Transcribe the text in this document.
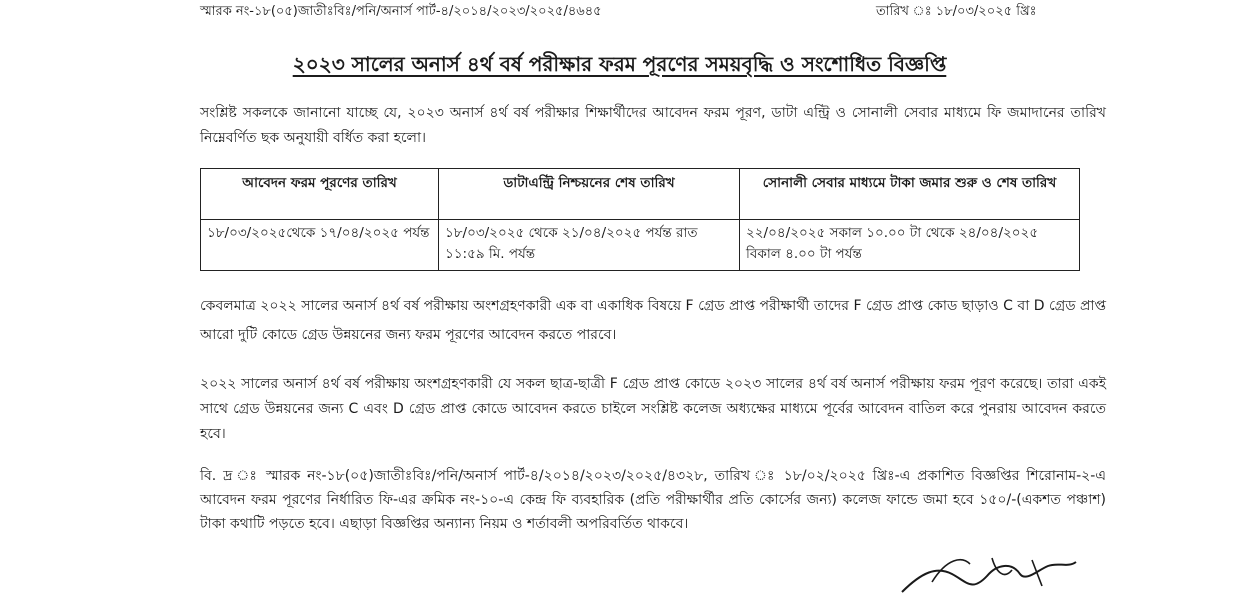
স্মারক নং-১৮(০৫)জাতীঃবিঃ/পনি/অনার্স পার্ট-৪/২০১৪/২০২৩/২০২৫/৪৬৪৫	তারিখ ঃ ১৮/০৩/২০২৫ খ্রিঃ
২০২৩ সালের অনার্স ৪র্থ বর্ষ পরীক্ষার ফরম পূরণের সময়বৃদ্ধি ও সংশোধিত বিজ্ঞপ্তি
সংশ্লিষ্ট সকলকে জানানো যাচ্ছে যে, ২০২৩ অনার্স ৪র্থ বর্ষ পরীক্ষার শিক্ষার্থীদের আবেদন ফরম পূরণ, ডাটা এন্ট্রি ও সোনালী সেবার মাধ্যমে ফি জমাদানের তারিখ নিম্নেবর্ণিত ছক অনুযায়ী বর্ধিত করা হলো।
আবেদন ফরম পূরণের তারিখ	ডাটাএন্ট্রি নিশ্চয়নের শেষ তারিখ	সোনালী সেবার মাধ্যমে টাকা জমার শুরু ও শেষ তারিখ
১৮/০৩/২০২৫থেকে ১৭/০৪/২০২৫ পর্যন্ত	১৮/০৩/২০২৫ থেকে ২১/০৪/২০২৫ পর্যন্ত রাত ১১:৫৯ মি. পর্যন্ত	২২/০৪/২০২৫ সকাল ১০.০০ টা থেকে ২৪/০৪/২০২৫ বিকাল ৪.০০ টা পর্যন্ত
কেবলমাত্র ২০২২ সালের অনার্স ৪র্থ বর্ষ পরীক্ষায় অংশগ্রহণকারী এক বা একাধিক বিষয়ে F গ্রেড প্রাপ্ত পরীক্ষার্থী তাদের F গ্রেড প্রাপ্ত কোড ছাড়াও C বা D গ্রেড প্রাপ্ত আরো দুটি কোডে গ্রেড উন্নয়নের জন্য ফরম পূরণের আবেদন করতে পারবে।
২০২২ সালের অনার্স ৪র্থ বর্ষ পরীক্ষায় অংশগ্রহণকারী যে সকল ছাত্র-ছাত্রী F গ্রেড প্রাপ্ত কোডে ২০২৩ সালের ৪র্থ বর্ষ অনার্স পরীক্ষায় ফরম পূরণ করেছে। তারা একই সাথে গ্রেড উন্নয়নের জন্য C এবং D গ্রেড প্রাপ্ত কোডে আবেদন করতে চাইলে সংশ্লিষ্ট কলেজ অধ্যক্ষের মাধ্যমে পূর্বের আবেদন বাতিল করে পুনরায় আবেদন করতে হবে।
বি. দ্র ঃ স্মারক নং-১৮(০৫)জাতীঃবিঃ/পনি/অনার্স পার্ট-৪/২০১৪/২০২৩/২০২৫/৪৩২৮, তারিখ ঃ ১৮/০২/২০২৫ খ্রিঃ-এ প্রকাশিত বিজ্ঞপ্তির শিরোনাম-২-এ আবেদন ফরম পূরণের নির্ধারিত ফি-এর ক্রমিক নং-১০-এ কেন্দ্র ফি ব্যবহারিক (প্রতি পরীক্ষার্থীর প্রতি কোর্সের জন্য) কলেজ ফান্ডে জমা হবে ১৫০/-(একশত পঞ্চাশ) টাকা কথাটি পড়তে হবে। এছাড়া বিজ্ঞপ্তির অন্যান্য নিয়ম ও শর্তাবলী অপরিবর্তিত থাকবে।
